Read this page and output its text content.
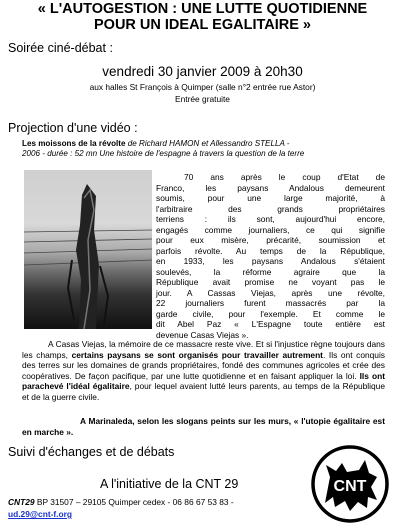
« L'AUTOGESTION : UNE LUTTE QUOTIDIENNE
POUR UN IDEAL EGALITAIRE »
Soirée ciné-débat :
vendredi 30 janvier 2009 à 20h30
aux halles St François à Quimper (salle n°2 entrée rue Astor)
Entrée gratuite
Projection d'une vidéo :
Les moissons de la révolte de Richard HAMON et Allessandro STELLA -
2006 - durée : 52 mn Une histoire de l'espagne à travers la question de la terre
70 ans après le coup d'Etat de
Franco, les paysans Andalous demeurent
soumis, pour une large majorité, à
l'arbitraire des grands propriétaires
terriens : ils sont, aujourd'hui encore,
engagés comme journaliers, ce qui signifie
pour eux misère, précarité, soumission et
parfois révolte. Au temps de la République,
en 1933, les paysans Andalous s'étaient
soulevés, la réforme agraire que la
République avait promise ne voyant pas le
jour. A Cassas Viejas, après une révolte,
22 journaliers furent massacrés par la
garde civile, pour l'exemple. Et comme le
dit Abel Paz « L'Espagne toute entière est
devenue Casas Viejas ».
A Casas Viejas, la mémoire de ce massacre reste vive. Et si l'injustice règne toujours dans les champs, certains paysans se sont organisés pour travailler autrement. Ils ont conquis des terres sur les domaines de grands propriétaires, fondé des communes agricoles et crée des coopératives. De façon pacifique, par une lutte quotidienne et en faisant appliquer la loi. Ils ont parachevé l'idéal égalitaire, pour lequel avaient lutté leurs parents, au temps de la République et de la guerre civile.
A Marinaleda, selon les slogans peints sur les murs, « l'utopie égalitaire est en marche ».
Suivi d'échanges et de débats
A l'initiative de la CNT 29
CNT29 BP 31507 – 29105 Quimper cedex - 06 86 67 53 83 -
ud.29@cnt-f.org
CNT
